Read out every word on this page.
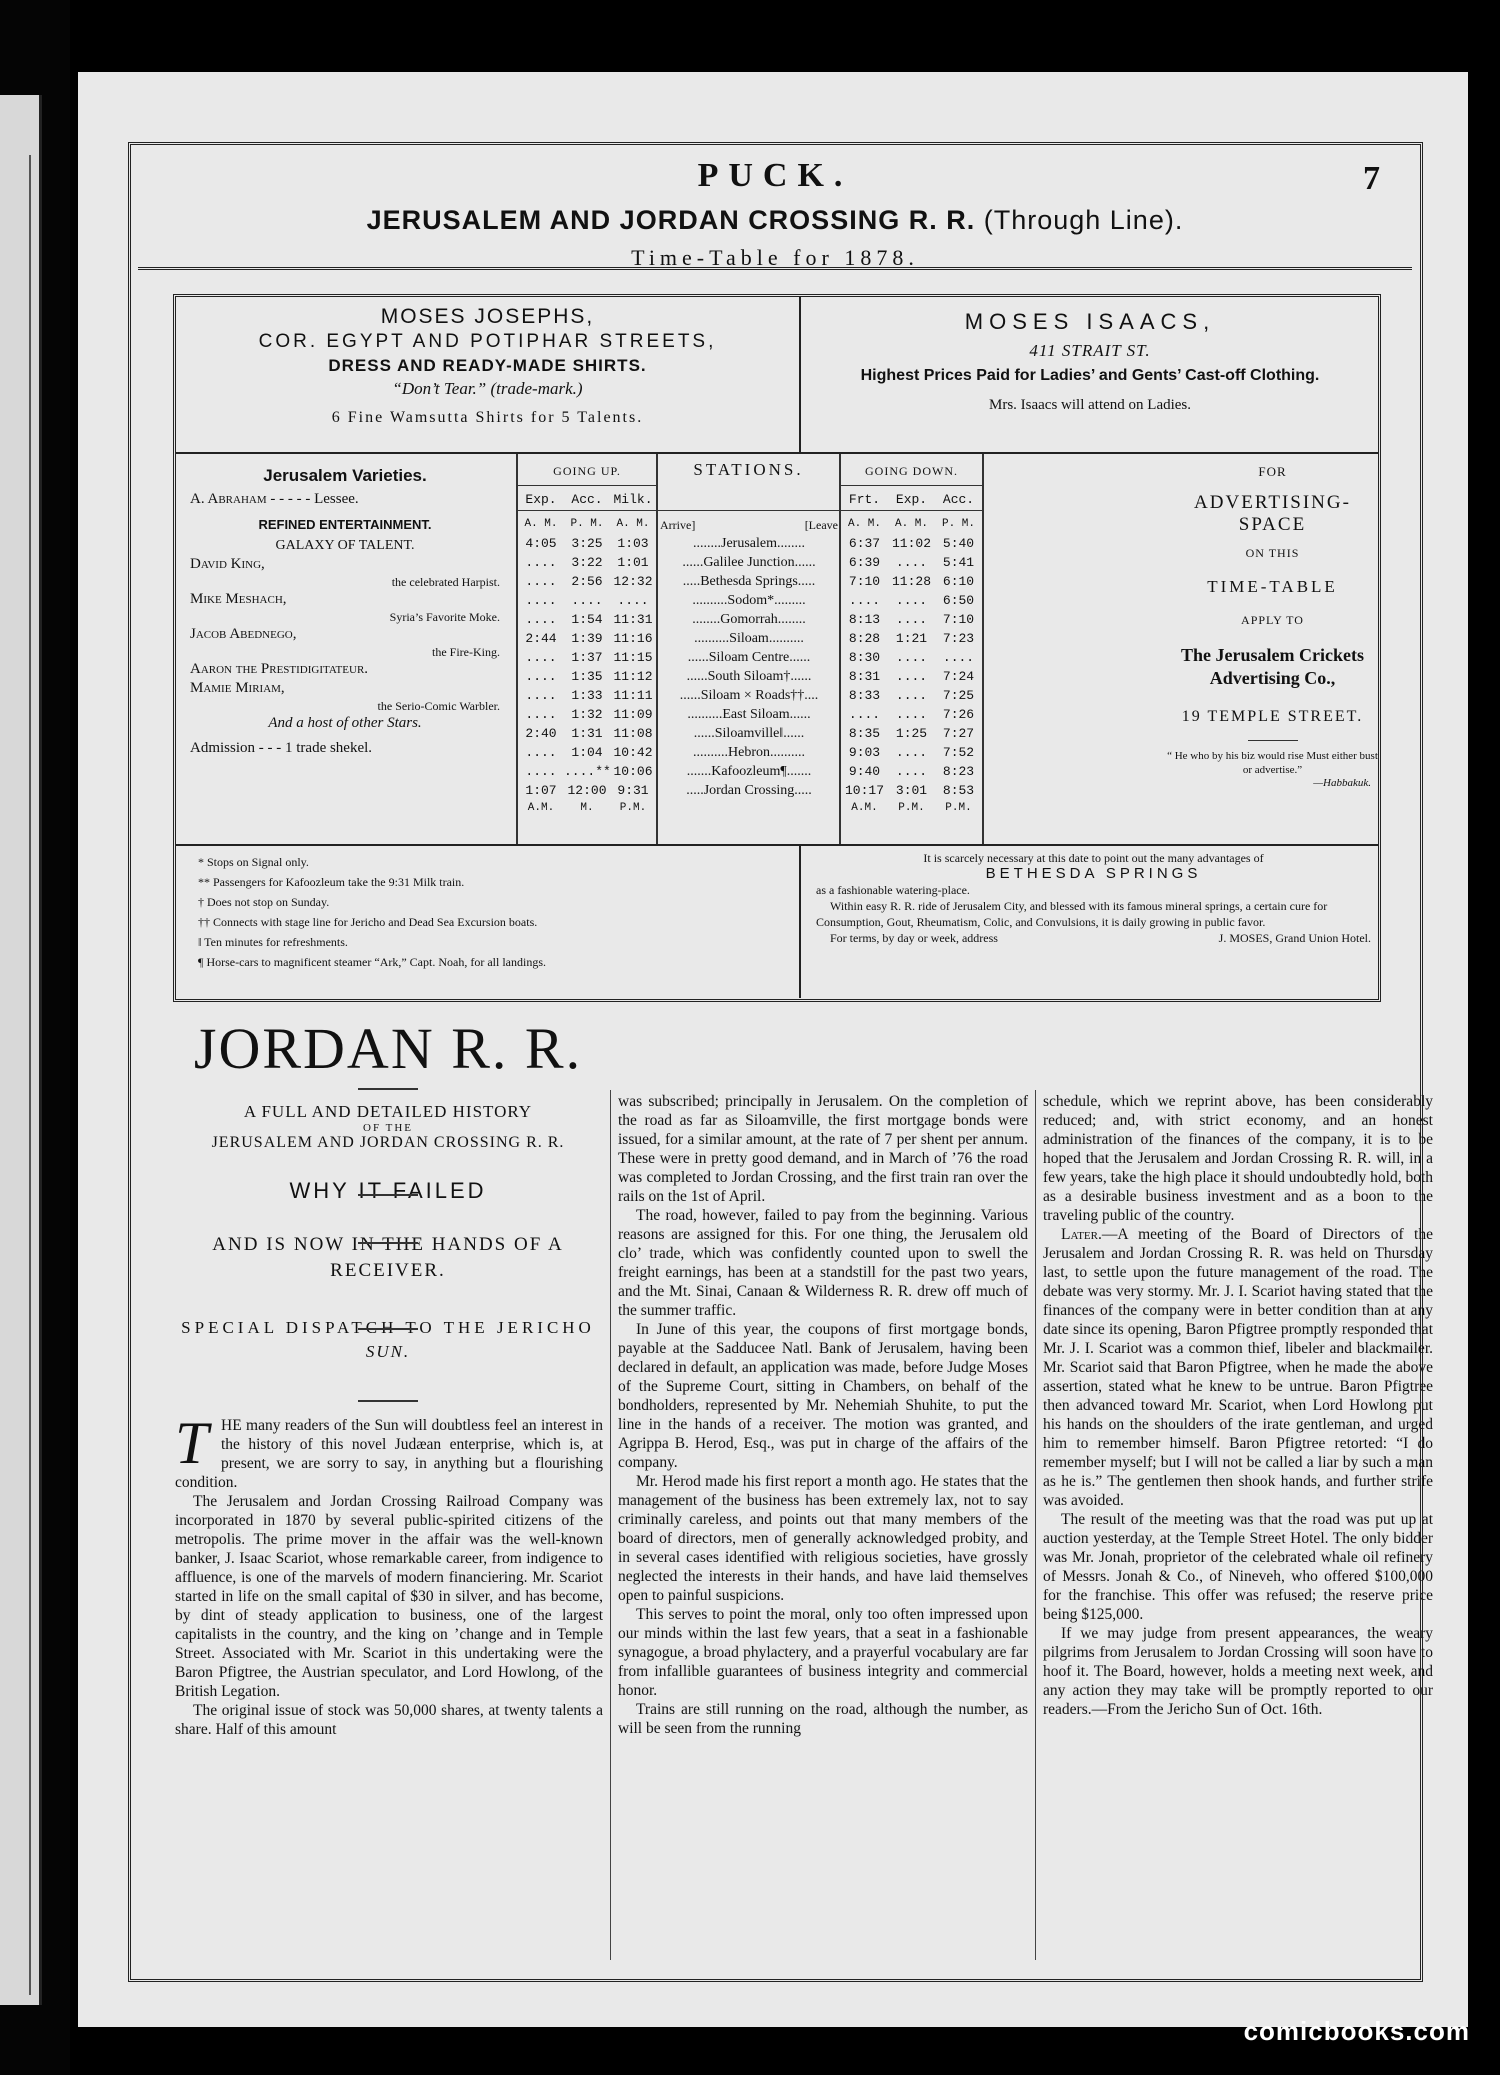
PUCK.	7
JERUSALEM AND JORDAN CROSSING R. R. (Through Line).
Time-Table for 1878.
MOSES JOSEPHS,
COR. EGYPT AND POTIPHAR STREETS,
DRESS AND READY-MADE SHIRTS.
“Don’t Tear.” (trade-mark.)
6 Fine Wamsutta Shirts for 5 Talents.
MOSES ISAACS,
411 STRAIT ST.
Highest Prices Paid for Ladies’ and Gents’ Cast-off Clothing.
Mrs. Isaacs will attend on Ladies.
Jerusalem Varieties.
A. Abraham - - - - - Lessee.
REFINED ENTERTAINMENT.
GALAXY OF TALENT.
David King,
the celebrated Harpist.
Mike Meshach,
Syria’s Favorite Moke.
Jacob Abednego,
the Fire-King.
Aaron the Prestidigitateur.
Mamie Miriam,
the Serio-Comic Warbler.
And a host of other Stars.
Admission - - - 1 trade shekel.
GOING UP.	GOING DOWN.
STATIONS.
Exp.	Acc. Milk.	Frt.	Exp.	Acc.
Arrive]	[Leave
A. M.	P. M.	A. M.	A. M.	A. M.	P. M.
4:05	3:25	1:03	........Jerusalem........	6:37 11:02 5:40
....	3:22	1:01	......Galilee Junction......	6:39	....	5:41
....	2:56 12:32	.....Bethesda Springs.....	7:10 11:28 6:10
....	....	....	..........Sodom*.........	....	....	6:50
....	1:54 11:31	........Gomorrah........	8:13	....	7:10
2:44	1:39 11:16	..........Siloam..........	8:28	1:21	7:23
....	1:37 11:15	......Siloam Centre......	8:30	....	....
....	1:35 11:12	......South Siloam†......	8:31	....	7:24
....	1:33 11:11	......Siloam × Roads††....	8:33	....	7:25
....	1:32 11:09	..........East Siloam......	....	....	7:26
2:40	1:31 11:08	......Siloamville‖......	8:35	1:25	7:27
....	1:04 10:42	..........Hebron..........	9:03	....	7:52
.... ....** 10:06	.......Kafoozleum¶.......	9:40	....	8:23
1:07 12:00 9:31	.....Jordan Crossing.....	10:17 3:01	8:53
A.M.	M.	P.M.	A.M.	P.M.	P.M.
FOR
ADVERTISING-SPACE
ON THIS
TIME-TABLE
APPLY TO
The Jerusalem Crickets Advertising Co.,
19 TEMPLE STREET.
“ He who by his biz would rise Must either bust or advertise.”
—Habbakuk.
* Stops on Signal only.
** Passengers for Kafoozleum take the 9:31 Milk train.
† Does not stop on Sunday.
†† Connects with stage line for Jericho and Dead Sea Excursion boats.
‖ Ten minutes for refreshments.
¶ Horse-cars to magnificent steamer “Ark,” Capt. Noah, for all landings.
It is scarcely necessary at this date to point out the many advantages of
BETHESDA SPRINGS
as a fashionable watering-place.
Within easy R. R. ride of Jerusalem City, and blessed with its famous mineral springs, a certain cure for Consumption, Gout, Rheumatism, Colic, and Convulsions, it is daily growing in public favor.
For terms, by day or week, address	J. MOSES, Grand Union Hotel.
JORDAN R. R.
A FULL AND DETAILED HISTORY
OF THE
JERUSALEM AND JORDAN CROSSING R. R.
WHY IT FAILED
AND IS NOW IN THE HANDS OF A RECEIVER.
SPECIAL DISPATCH TO THE JERICHO SUN.
T HE many readers of the Sun will doubtless feel an interest in the history of this novel Judæan enterprise, which is, at present, we are sorry to say, in anything but a flourishing condition.

The Jerusalem and Jordan Crossing Railroad Company was incorporated in 1870 by several public-spirited citizens of the metropolis. The prime mover in the affair was the well-known banker, J. Isaac Scariot, whose remarkable career, from indigence to affluence, is one of the marvels of modern financiering. Mr. Scariot started in life on the small capital of $30 in silver, and has become, by dint of steady application to business, one of the largest capitalists in the country, and the king on ’change and in Temple Street. Associated with Mr. Scariot in this undertaking were the Baron Pfigtree, the Austrian speculator, and Lord Howlong, of the British Legation.

The original issue of stock was 50,000 shares, at twenty talents a share. Half of this amount

was subscribed; principally in Jerusalem. On the completion of the road as far as Siloamville, the first mortgage bonds were issued, for a similar amount, at the rate of 7 per shent per annum. These were in pretty good demand, and in March of ’76 the road was completed to Jordan Crossing, and the first train ran over the rails on the 1st of April.

The road, however, failed to pay from the beginning. Various reasons are assigned for this. For one thing, the Jerusalem old clo’ trade, which was confidently counted upon to swell the freight earnings, has been at a standstill for the past two years, and the Mt. Sinai, Canaan & Wilderness R. R. drew off much of the summer traffic.

In June of this year, the coupons of first mortgage bonds, payable at the Sadducee Natl. Bank of Jerusalem, having been declared in default, an application was made, before Judge Moses of the Supreme Court, sitting in Chambers, on behalf of the bondholders, represented by Mr. Nehemiah Shuhite, to put the line in the hands of a receiver. The motion was granted, and Agrippa B. Herod, Esq., was put in charge of the affairs of the company.

Mr. Herod made his first report a month ago. He states that the management of the business has been extremely lax, not to say criminally careless, and points out that many members of the board of directors, men of generally acknowledged probity, and in several cases identified with religious societies, have grossly neglected the interests in their hands, and have laid themselves open to painful suspicions.

This serves to point the moral, only too often impressed upon our minds within the last few years, that a seat in a fashionable synagogue, a broad phylactery, and a prayerful vocabulary are far from infallible guarantees of business integrity and commercial honor.

Trains are still running on the road, although the number, as will be seen from the running

schedule, which we reprint above, has been considerably reduced; and, with strict economy, and an honest administration of the finances of the company, it is to be hoped that the Jerusalem and Jordan Crossing R. R. will, in a few years, take the high place it should undoubtedly hold, both as a desirable business investment and as a boon to the traveling public of the country.

Later.—A meeting of the Board of Directors of the Jerusalem and Jordan Crossing R. R. was held on Thursday last, to settle upon the future management of the road. The debate was very stormy. Mr. J. I. Scariot having stated that the finances of the company were in better condition than at any date since its opening, Baron Pfigtree promptly responded that Mr. J. I. Scariot was a common thief, libeler and blackmailer. Mr. Scariot said that Baron Pfigtree, when he made the above assertion, stated what he knew to be untrue. Baron Pfigtree then advanced toward Mr. Scariot, when Lord Howlong put his hands on the shoulders of the irate gentleman, and urged him to remember himself. Baron Pfigtree retorted: “I do remember myself; but I will not be called a liar by such a man as he is.” The gentlemen then shook hands, and further strife was avoided.

The result of the meeting was that the road was put up at auction yesterday, at the Temple Street Hotel. The only bidder was Mr. Jonah, proprietor of the celebrated whale oil refinery of Messrs. Jonah & Co., of Nineveh, who offered $100,000 for the franchise. This offer was refused; the reserve price being $125,000.

If we may judge from present appearances, the weary pilgrims from Jerusalem to Jordan Crossing will soon have to hoof it. The Board, however, holds a meeting next week, and any action they may take will be promptly reported to our readers.—From the Jericho Sun of Oct. 16th.

comicbooks.com
